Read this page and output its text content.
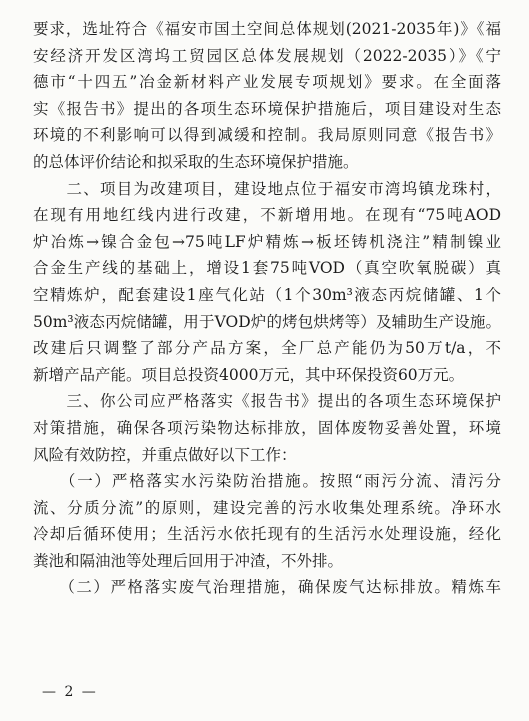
要求，选址符合《福安市国土空间总体规划(2021-2035年)》《福
安经济开发区湾坞工贸园区总体发展规划（2022-2035）》《宁
德市“十四五”冶金新材料产业发展专项规划》要求。在全面落
实《报告书》提出的各项生态环境保护措施后，项目建设对生态
环境的不利影响可以得到减缓和控制。我局原则同意《报告书》
的总体评价结论和拟采取的生态环境保护措施。
　　二、项目为改建项目，建设地点位于福安市湾坞镇龙珠村，
在现有用地红线内进行改建，不新增用地。在现有“75吨AOD
炉冶炼→镍合金包→75吨LF炉精炼→板坯铸机浇注”精制镍业
合金生产线的基础上，增设1套75吨VOD（真空吹氧脱碳）真
空精炼炉，配套建设1座气化站（1个30m³液态丙烷储罐、1个
50m³液态丙烷储罐，用于VOD炉的烤包烘烤等）及辅助生产设施。
改建后只调整了部分产品方案，全厂总产能仍为50万t/a，不
新增产品产能。项目总投资4000万元，其中环保投资60万元。
　　三、你公司应严格落实《报告书》提出的各项生态环境保护
对策措施，确保各项污染物达标排放，固体废物妥善处置，环境
风险有效防控，并重点做好以下工作：
　　（一）严格落实水污染防治措施。按照“雨污分流、清污分
流、分质分流”的原则，建设完善的污水收集处理系统。净环水
冷却后循环使用；生活污水依托现有的生活污水处理设施，经化
粪池和隔油池等处理后回用于冲渣，不外排。
　　（二）严格落实废气治理措施，确保废气达标排放。精炼车
— 2 —
